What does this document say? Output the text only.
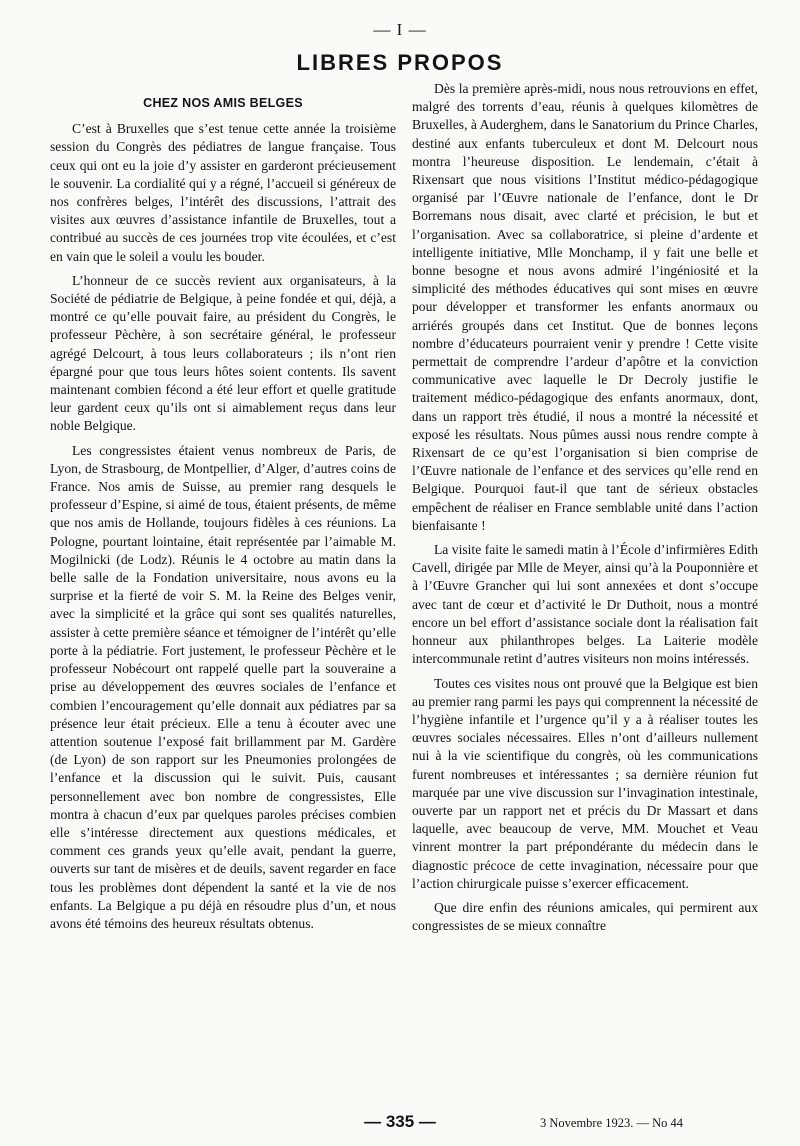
— I —
LIBRES PROPOS
CHEZ NOS AMIS BELGES

C’est à Bruxelles que s’est tenue cette année la troisième session du Congrès des pédiatres de langue française. Tous ceux qui ont eu la joie d’y assister en garderont précieusement le souvenir. La cordialité qui y a régné, l’accueil si généreux de nos confrères belges, l’intérêt des discussions, l’attrait des visites aux œuvres d’assistance infantile de Bruxelles, tout a contribué au succès de ces journées trop vite écoulées, et c’est en vain que le soleil a voulu les bouder.

L’honneur de ce succès revient aux organisateurs, à la Société de pédiatrie de Belgique, à peine fondée et qui, déjà, a montré ce qu’elle pouvait faire, au président du Congrès, le professeur Pèchère, à son secrétaire général, le professeur agrégé Delcourt, à tous leurs collaborateurs ; ils n’ont rien épargné pour que tous leurs hôtes soient contents. Ils savent maintenant combien fécond a été leur effort et quelle gratitude leur gardent ceux qu’ils ont si aimablement reçus dans leur noble Belgique.

Les congressistes étaient venus nombreux de Paris, de Lyon, de Strasbourg, de Montpellier, d’Alger, d’autres coins de France. Nos amis de Suisse, au premier rang desquels le professeur d’Espine, si aimé de tous, étaient présents, de même que nos amis de Hollande, toujours fidèles à ces réunions. La Pologne, pourtant lointaine, était représentée par l’aimable M. Mogilnicki (de Lodz). Réunis le 4 octobre au matin dans la belle salle de la Fondation universitaire, nous avons eu la surprise et la fierté de voir S. M. la Reine des Belges venir, avec la simplicité et la grâce qui sont ses qualités naturelles, assister à cette première séance et témoigner de l’intérêt qu’elle porte à la pédiatrie. Fort justement, le professeur Pèchère et le professeur Nobécourt ont rappelé quelle part la souveraine a prise au développement des œuvres sociales de l’enfance et combien l’encouragement qu’elle donnait aux pédiatres par sa présence leur était précieux. Elle a tenu à écouter avec une attention soutenue l’exposé fait brillamment par M. Gardère (de Lyon) de son rapport sur les Pneumonies prolongées de l’enfance et la discussion qui le suivit. Puis, causant personnellement avec bon nombre de congressistes, Elle montra à chacun d’eux par quelques paroles précises combien elle s’intéresse directement aux questions médicales, et comment ces grands yeux qu’elle avait, pendant la guerre, ouverts sur tant de misères et de deuils, savent regarder en face tous les problèmes dont dépendent la santé et la vie de nos enfants. La Belgique a pu déjà en résoudre plus d’un, et nous avons été témoins des heureux résultats obtenus.

Dès la première après-midi, nous nous retrouvions en effet, malgré des torrents d’eau, réunis à quelques kilomètres de Bruxelles, à Auderghem, dans le Sanatorium du Prince Charles, destiné aux enfants tuberculeux et dont M. Delcourt nous montra l’heureuse disposition. Le lendemain, c’était à Rixensart que nous visitions l’Institut médico-pédagogique organisé par l’Œuvre nationale de l’enfance, dont le Dr Borremans nous disait, avec clarté et précision, le but et l’organisation. Avec sa collaboratrice, si pleine d’ardente et intelligente initiative, Mlle Monchamp, il y fait une belle et bonne besogne et nous avons admiré l’ingéniosité et la simplicité des méthodes éducatives qui sont mises en œuvre pour développer et transformer les enfants anormaux ou arriérés groupés dans cet Institut. Que de bonnes leçons nombre d’éducateurs pourraient venir y prendre ! Cette visite permettait de comprendre l’ardeur d’apôtre et la conviction communicative avec laquelle le Dr Decroly justifie le traitement médico-pédagogique des enfants anormaux, dont, dans un rapport très étudié, il nous a montré la nécessité et exposé les résultats. Nous pûmes aussi nous rendre compte à Rixensart de ce qu’est l’organisation si bien comprise de l’Œuvre nationale de l’enfance et des services qu’elle rend en Belgique. Pourquoi faut-il que tant de sérieux obstacles empêchent de réaliser en France semblable unité dans l’action bienfaisante !

La visite faite le samedi matin à l’École d’infirmières Edith Cavell, dirigée par Mlle de Meyer, ainsi qu’à la Pouponnière et à l’Œuvre Grancher qui lui sont annexées et dont s’occupe avec tant de cœur et d’activité le Dr Duthoit, nous a montré encore un bel effort d’assistance sociale dont la réalisation fait honneur aux philanthropes belges. La Laiterie modèle intercommunale retint d’autres visiteurs non moins intéressés.

Toutes ces visites nous ont prouvé que la Belgique est bien au premier rang parmi les pays qui comprennent la nécessité de l’hygiène infantile et l’urgence qu’il y a à réaliser toutes les œuvres sociales nécessaires. Elles n’ont d’ailleurs nullement nui à la vie scientifique du congrès, où les communications furent nombreuses et intéressantes ; sa dernière réunion fut marquée par une vive discussion sur l’invagination intestinale, ouverte par un rapport net et précis du Dr Massart et dans laquelle, avec beaucoup de verve, MM. Mouchet et Veau vinrent montrer la part prépondérante du médecin dans le diagnostic précoce de cette invagination, nécessaire pour que l’action chirurgicale puisse s’exercer efficacement.

Que dire enfin des réunions amicales, qui permirent aux congressistes de se mieux connaître

— 335 —	3 Novembre 1923. — No 44
